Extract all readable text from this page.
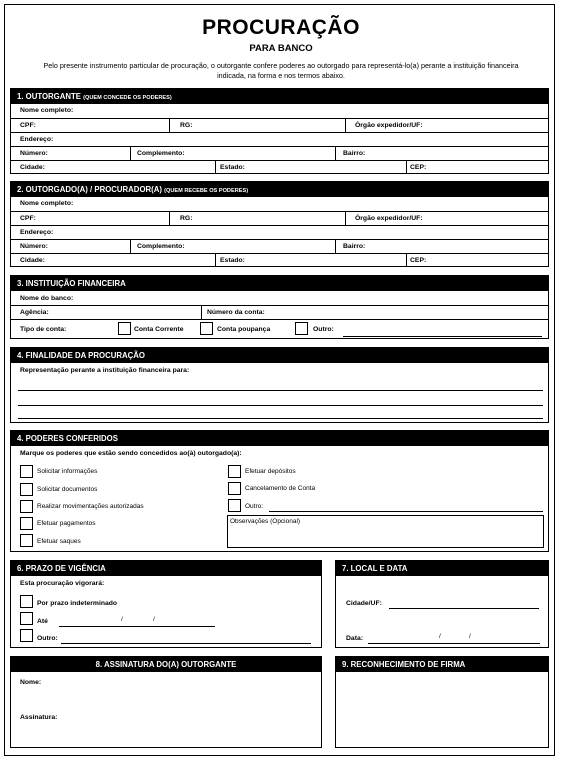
PROCURAÇÃO
PARA BANCO
Pelo presente instrumento particular de procuração, o outorgante confere poderes ao outorgado para representá-lo(a) perante a instituição financeira indicada, na forma e nos termos abaixo.
1. OUTORGANTE (QUEM CONCEDE OS PODERES)
Nome completo:
CPF:	RG:	Órgão expedidor/UF:
Endereço:
Número:	Complemento:	Bairro:
Cidade:	Estado:	CEP:
2. OUTORGADO(A) / PROCURADOR(A) (QUEM RECEBE OS PODERES)
Nome completo:
CPF:	RG:	Órgão expedidor/UF:
Endereço:
Número:	Complemento:	Bairro:
Cidade:	Estado:	CEP:
3. INSTITUIÇÃO FINANCEIRA
Nome do banco:
Agência:	Número da conta:
Tipo de conta:	Conta Corrente	Conta poupança	Outro:
4. FINALIDADE DA PROCURAÇÃO
Representação perante a instituição financeira para:
4. PODERES CONFERIDOS
Marque os poderes que estão sendo concedidos ao(à) outorgado(a):
Solicitar informações
Solicitar documentos
Realizar movimentações autorizadas
Efetuar pagamentos
Efetuar saques
Efetuar depósitos
Cancelamento de Conta
Outro:
Observações (Opcional)
6. PRAZO DE VIGÊNCIA
Esta procuração vigorará:
Por prazo indeterminado
Até	/	/
Outro:
7. LOCAL E DATA
Cidade/UF:
Data:	/	/
8. ASSINATURA DO(A) OUTORGANTE
Nome:
Assinatura:
9. RECONHECIMENTO DE FIRMA
